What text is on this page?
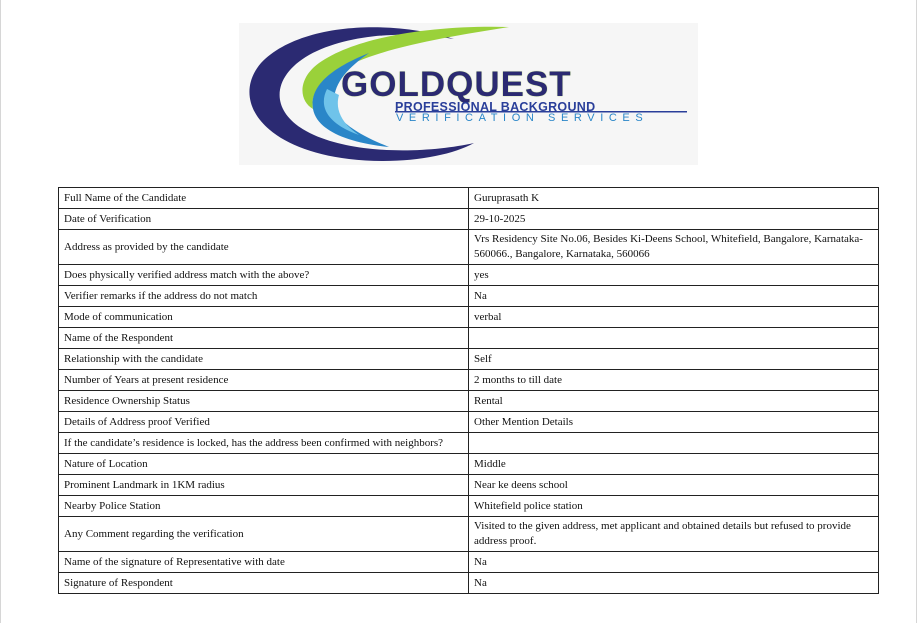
GOLDQUEST
PROFESSIONAL BACKGROUND
VERIFICATION SERVICES
Full Name of the Candidate	Guruprasath K
Date of Verification	29-10-2025
Address as provided by the candidate	Vrs Residency Site No.06, Besides Ki-Deens School, Whitefield, Bangalore, Karnataka-560066., Bangalore, Karnataka, 560066
Does physically verified address match with the above?	yes
Verifier remarks if the address do not match	Na
Mode of communication	verbal
Name of the Respondent	
Relationship with the candidate	Self
Number of Years at present residence	2 months to till date
Residence Ownership Status	Rental
Details of Address proof Verified	Other Mention Details
If the candidate’s residence is locked, has the address been confirmed with neighbors?	
Nature of Location	Middle
Prominent Landmark in 1KM radius	Near ke deens school
Nearby Police Station	Whitefield police station
Any Comment regarding the verification	Visited to the given address, met applicant and obtained details but refused to provide address proof.
Name of the signature of Representative with date	Na
Signature of Respondent	Na
